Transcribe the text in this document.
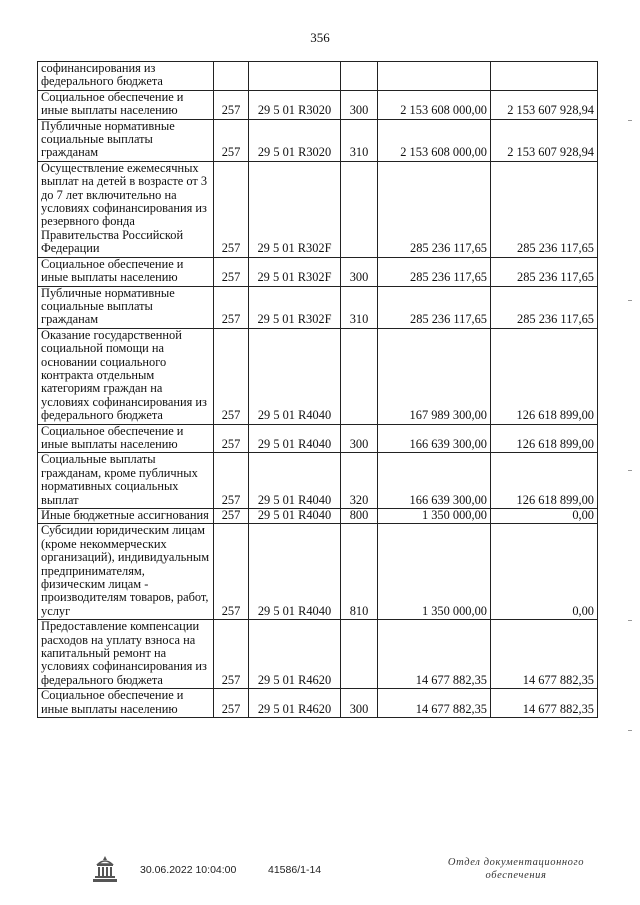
356
софинансирования из федерального бюджета					
Социальное обеспечение и иные выплаты населению	257	29 5 01 R3020	300	2 153 608 000,00	2 153 607 928,94
Публичные нормативные социальные выплаты гражданам	257	29 5 01 R3020	310	2 153 608 000,00	2 153 607 928,94
Осуществление ежемесячных выплат на детей в возрасте от 3 до 7 лет включительно на условиях софинансирования из резервного фонда Правительства Российской Федерации	257	29 5 01 R302F		285 236 117,65	285 236 117,65
Социальное обеспечение и иные выплаты населению	257	29 5 01 R302F	300	285 236 117,65	285 236 117,65
Публичные нормативные социальные выплаты гражданам	257	29 5 01 R302F	310	285 236 117,65	285 236 117,65
Оказание государственной социальной помощи на основании социального контракта отдельным категориям граждан на условиях софинансирования из федерального бюджета	257	29 5 01 R4040		167 989 300,00	126 618 899,00
Социальное обеспечение и иные выплаты населению	257	29 5 01 R4040	300	166 639 300,00	126 618 899,00
Социальные выплаты гражданам, кроме публичных нормативных социальных выплат	257	29 5 01 R4040	320	166 639 300,00	126 618 899,00
Иные бюджетные ассигнования	257	29 5 01 R4040	800	1 350 000,00	0,00
Субсидии юридическим лицам (кроме некоммерческих организаций), индивидуальным предпринимателям, физическим лицам - производителям товаров, работ, услуг	257	29 5 01 R4040	810	1 350 000,00	0,00
Предоставление компенсации расходов на уплату взноса на капитальный ремонт на условиях софинансирования из федерального бюджета	257	29 5 01 R4620		14 677 882,35	14 677 882,35
Социальное обеспечение и иные выплаты населению	257	29 5 01 R4620	300	14 677 882,35	14 677 882,35
30.06.2022 10:04:00	41586/1-14
Отдел документационного обеспечения
